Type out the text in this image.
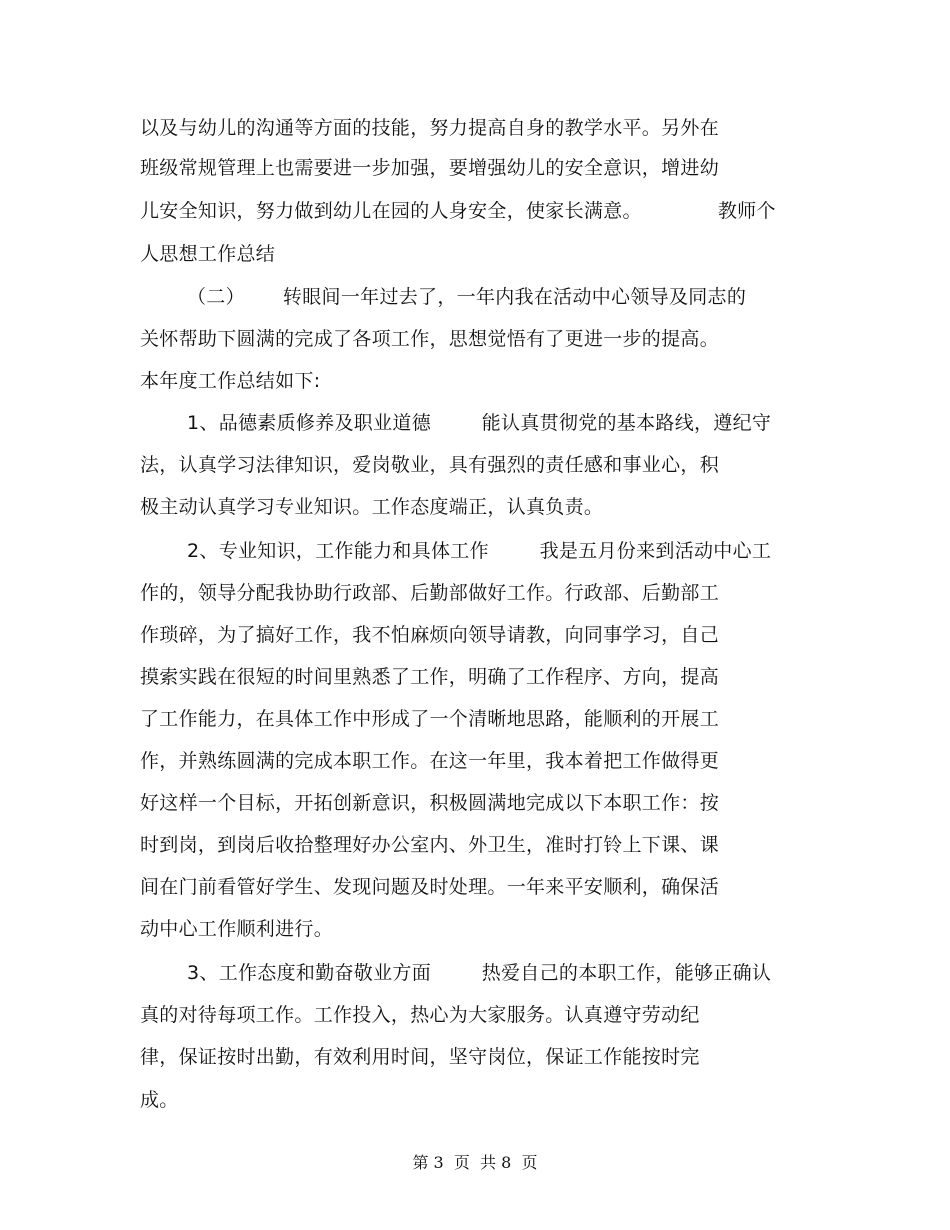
以及与幼儿的沟通等方面的技能，努力提高自身的教学水平。另外在
班级常规管理上也需要进一步加强，要增强幼儿的安全意识，增进幼
儿安全知识，努力做到幼儿在园的人身安全，使家长满意。            教师个
人思想工作总结
（二）      转眼间一年过去了，一年内我在活动中心领导及同志的
关怀帮助下圆满的完成了各项工作，思想觉悟有了更进一步的提高。
本年度工作总结如下:
1、品德素质修养及职业道德        能认真贯彻党的基本路线，遵纪守
法，认真学习法律知识，爱岗敬业，具有强烈的责任感和事业心，积
极主动认真学习专业知识。工作态度端正，认真负责。
2、专业知识，工作能力和具体工作        我是五月份来到活动中心工
作的，领导分配我协助行政部、后勤部做好工作。行政部、后勤部工
作琐碎，为了搞好工作，我不怕麻烦向领导请教，向同事学习，自己
摸索实践在很短的时间里熟悉了工作，明确了工作程序、方向，提高
了工作能力，在具体工作中形成了一个清晰地思路，能顺利的开展工
作，并熟练圆满的完成本职工作。在这一年里，我本着把工作做得更
好这样一个目标，开拓创新意识，积极圆满地完成以下本职工作：按
时到岗，到岗后收拾整理好办公室内、外卫生，准时打铃上下课、课
间在门前看管好学生、发现问题及时处理。一年来平安顺利，确保活
动中心工作顺利进行。
3、工作态度和勤奋敬业方面        热爱自己的本职工作，能够正确认
真的对待每项工作。工作投入，热心为大家服务。认真遵守劳动纪
律，保证按时出勤，有效利用时间，坚守岗位，保证工作能按时完
成。
第 3  页  共 8  页
